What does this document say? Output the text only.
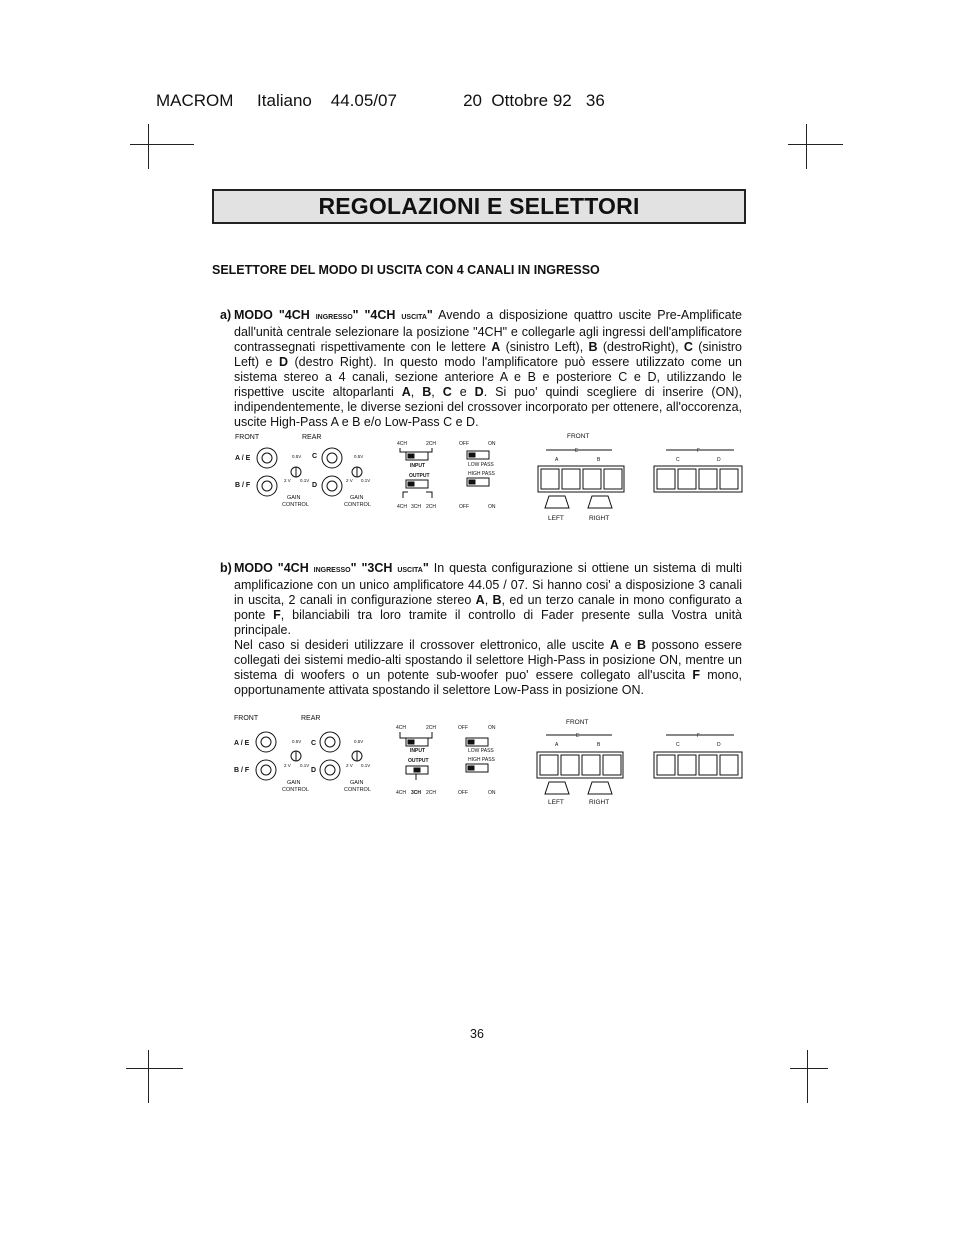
MACROM     Italiano    44.05/07              20  Ottobre 92   36
REGOLAZIONI E SELETTORI
SELETTORE DEL MODO DI USCITA CON 4 CANALI IN INGRESSO
a) MODO "4CH INGRESSO" "4CH USCITA" Avendo a disposizione quattro uscite Pre-Amplificate dall'unità centrale selezionare la posizione "4CH" e collegarle agli ingressi dell'amplificatore contrassegnati rispettivamente con le lettere A (sinistro Left), B (destroRight), C (sinistro Left) e D (destro Right). In questo modo l'amplificatore può essere utilizzato come un sistema stereo a 4 canali, sezione anteriore A e B e posteriore C e D, utilizzando le rispettive uscite altoparlanti A, B, C e D. Si puo' quindi scegliere di inserire (ON), indipendentemente, le diverse sezioni del crossover incorporato per ottenere, all'occorenza, uscite High-Pass A e B e/o Low-Pass C e D.
FRONT	REAR
A / E
B / F
C
D
0.5V
2 V 0.1V
0.5V
2 V 0.1V
GAIN
CONTROL
GAIN
CONTROL
4CH	2CH
INPUT
OUTPUT
4CH 3CH 2CH
OFF	ON
LOW PASS
HIGH PASS
OFF	ON
FRONT
E
A	B
LEFT	RIGHT
F
C	D
b) MODO "4CH INGRESSO" "3CH USCITA" In questa configurazione si ottiene un sistema di multi amplificazione con un unico amplificatore 44.05 / 07. Si hanno cosi' a disposizione 3 canali in uscita, 2 canali in configurazione stereo A, B, ed un terzo canale in mono configurato a ponte F, bilanciabili tra loro tramite il controllo di Fader presente sulla Vostra unità principale.
Nel caso si desideri utilizzare il crossover elettronico, alle uscite A e B possono essere collegati dei sistemi medio-alti spostando il selettore High-Pass in posizione ON, mentre un sistema di woofers o un potente sub-woofer puo' essere collegato all'uscita F mono, opportunamente attivata spostando il selettore Low-Pass in posizione ON.
FRONT	REAR
A / E
B / F
C
D
0.5V
2 V 0.1V
0.5V
2 V 0.1V
GAIN
CONTROL
GAIN
CONTROL
4CH	2CH
INPUT
OUTPUT
4CH 3CH 2CH
OFF	ON
LOW PASS
HIGH PASS
OFF	ON
FRONT
E
A	B
LEFT	RIGHT
F
C	D
36
